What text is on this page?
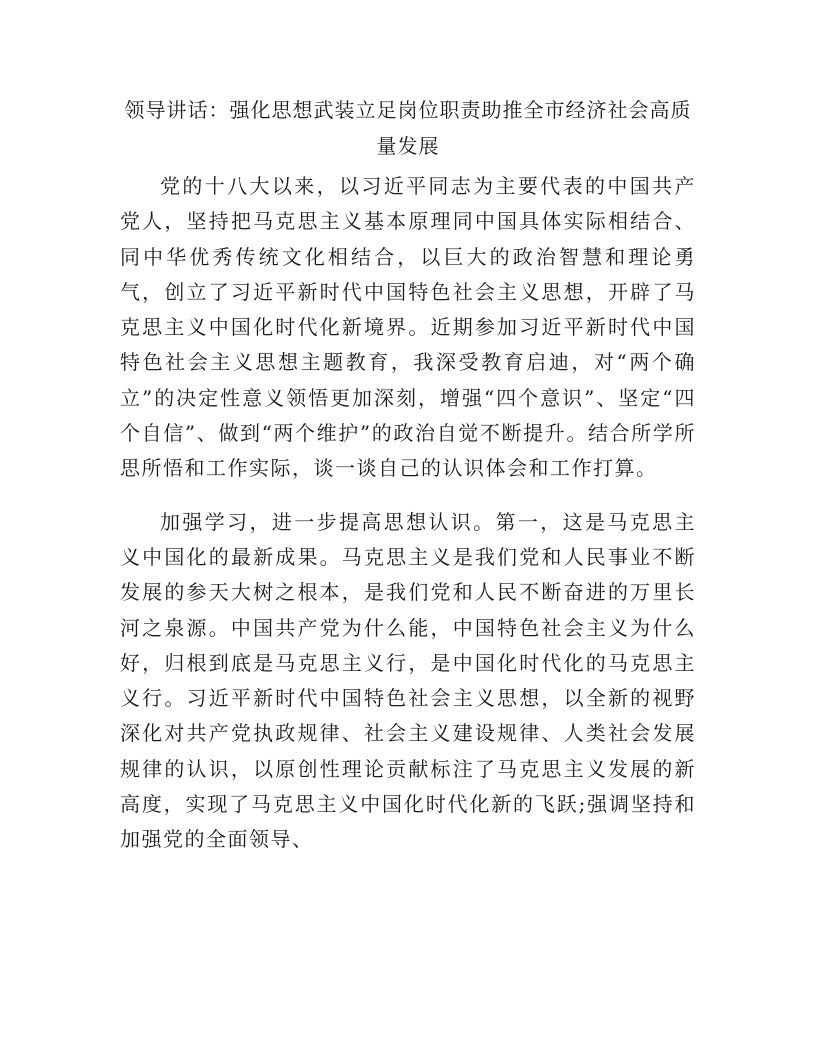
领导讲话：强化思想武装立足岗位职责助推全市经济社会高质

量发展

党的十八大以来，以习近平同志为主要代表的中国共产党人，坚持把马克思主义基本原理同中国具体实际相结合、同中华优秀传统文化相结合，以巨大的政治智慧和理论勇气，创立了习近平新时代中国特色社会主义思想，开辟了马克思主义中国化时代化新境界。近期参加习近平新时代中国特色社会主义思想主题教育，我深受教育启迪，对“两个确立”的决定性意义领悟更加深刻，增强“四个意识”、坚定“四个自信”、做到“两个维护”的政治自觉不断提升。结合所学所思所悟和工作实际，谈一谈自己的认识体会和工作打算。

加强学习，进一步提高思想认识。第一，这是马克思主义中国化的最新成果。马克思主义是我们党和人民事业不断发展的参天大树之根本，是我们党和人民不断奋进的万里长河之泉源。中国共产党为什么能，中国特色社会主义为什么好，归根到底是马克思主义行，是中国化时代化的马克思主义行。习近平新时代中国特色社会主义思想，以全新的视野深化对共产党执政规律、社会主义建设规律、人类社会发展规律的认识，以原创性理论贡献标注了马克思主义发展的新高度，实现了马克思主义中国化时代化新的飞跃;强调坚持和加强党的全面领导、
